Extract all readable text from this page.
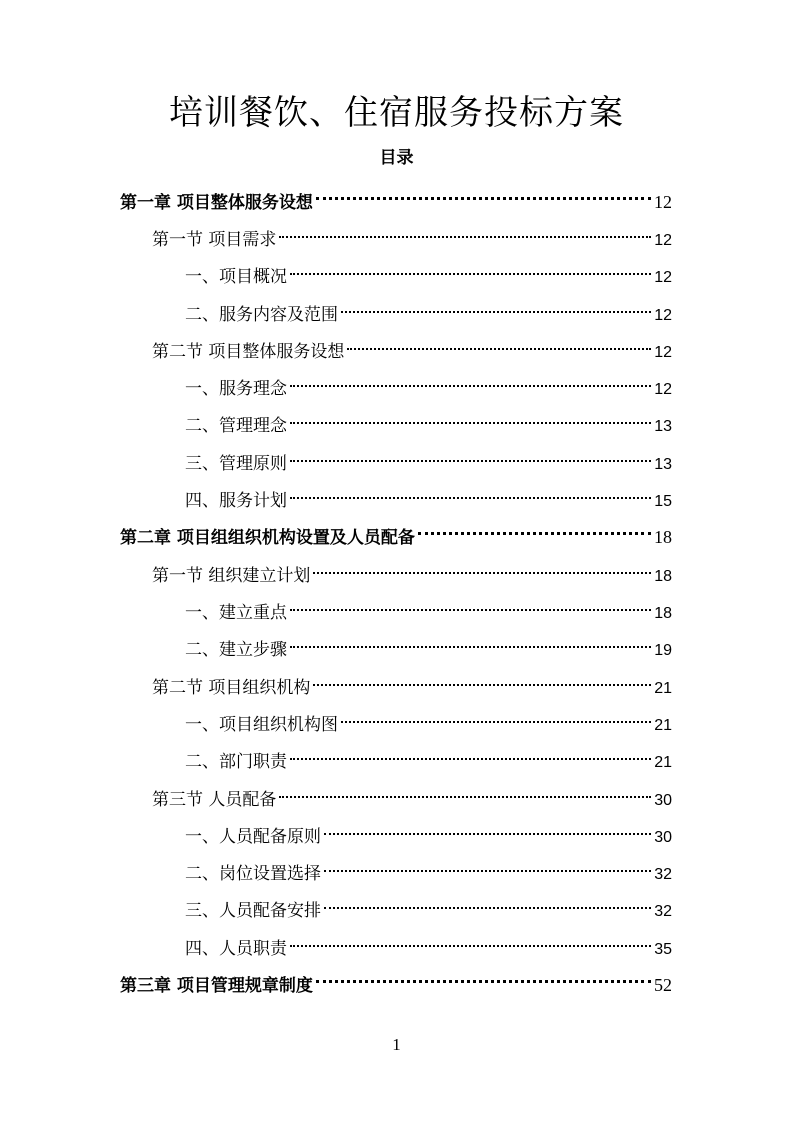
培训餐饮、住宿服务投标方案
目录
第一章 项目整体服务设想	12
第一节 项目需求	12
一、项目概况	12
二、服务内容及范围	12
第二节 项目整体服务设想	12
一、服务理念	12
二、管理理念	13
三、管理原则	13
四、服务计划	15
第二章 项目组组织机构设置及人员配备	18
第一节 组织建立计划	18
一、建立重点	18
二、建立步骤	19
第二节 项目组织机构	21
一、项目组织机构图	21
二、部门职责	21
第三节 人员配备	30
一、人员配备原则	30
二、岗位设置选择	32
三、人员配备安排	32
四、人员职责	35
第三章 项目管理规章制度	52
1
